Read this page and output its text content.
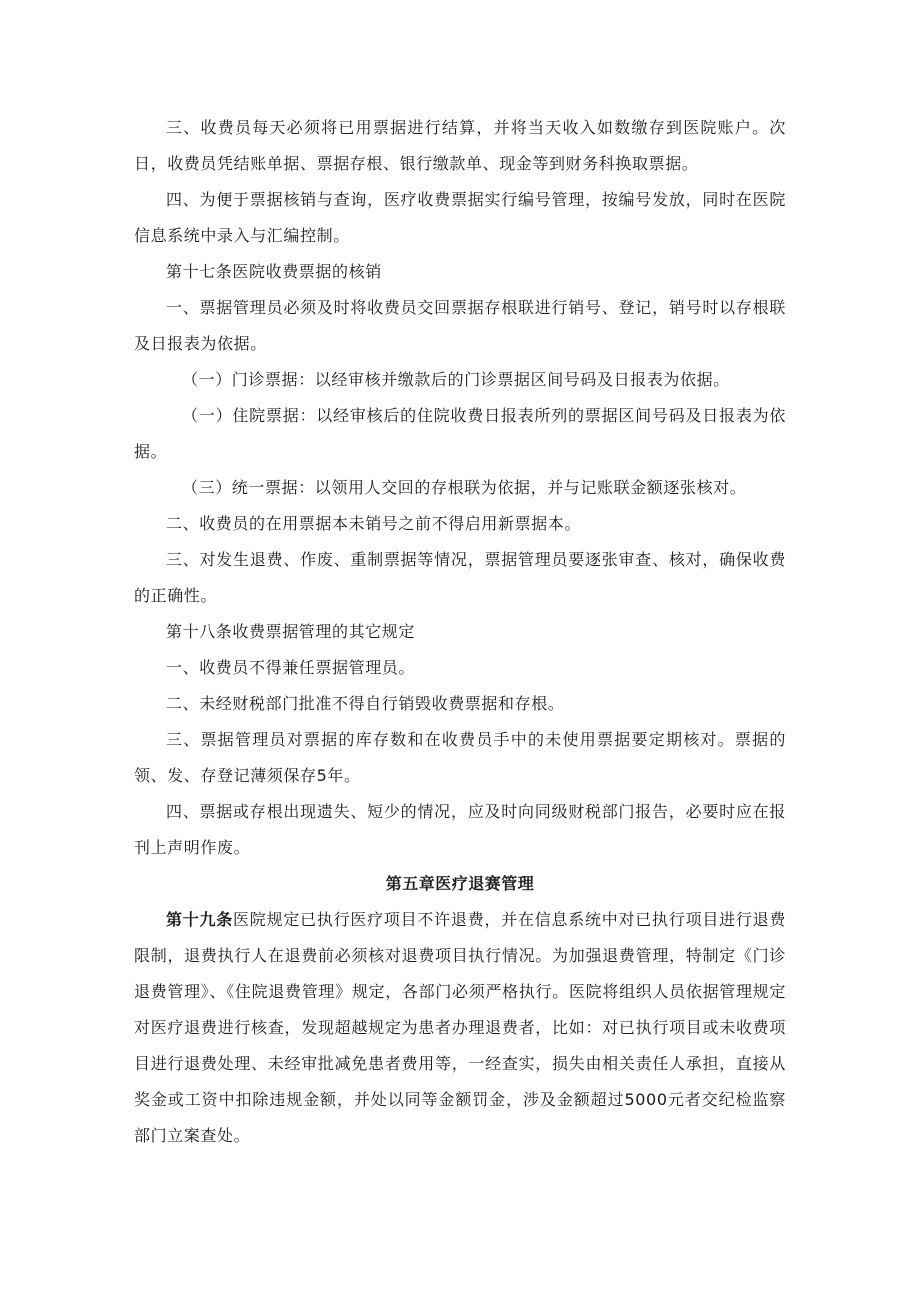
三、收费员每天必须将已用票据进行结算，并将当天收入如数缴存到医院账户。次日，收费员凭结账单据、票据存根、银行缴款单、现金等到财务科换取票据。

四、为便于票据核销与查询，医疗收费票据实行编号管理，按编号发放，同时在医院信息系统中录入与汇编控制。

第十七条医院收费票据的核销

一、票据管理员必须及时将收费员交回票据存根联进行销号、登记，销号时以存根联及日报表为依据。

（一）门诊票据：以经审核并缴款后的门诊票据区间号码及日报表为依据。

（一）住院票据：以经审核后的住院收费日报表所列的票据区间号码及日报表为依据。

（三）统一票据：以领用人交回的存根联为依据，并与记账联金额逐张核对。

二、收费员的在用票据本未销号之前不得启用新票据本。

三、对发生退费、作废、重制票据等情况，票据管理员要逐张审查、核对，确保收费的正确性。

第十八条收费票据管理的其它规定

一、收费员不得兼任票据管理员。

二、未经财税部门批准不得自行销毁收费票据和存根。

三、票据管理员对票据的库存数和在收费员手中的未使用票据要定期核对。票据的领、发、存登记薄须保存5年。

四、票据或存根出现遗失、短少的情况，应及时向同级财税部门报告，必要时应在报刊上声明作废。

第五章医疗退赛管理

第十九条医院规定已执行医疗项目不许退费，并在信息系统中对已执行项目进行退费限制，退费执行人在退费前必须核对退费项目执行情况。为加强退费管理，特制定《门诊退费管理》、《住院退费管理》规定，各部门必须严格执行。医院将组织人员依据管理规定对医疗退费进行核查，发现超越规定为患者办理退费者，比如：对已执行项目或未收费项目进行退费处理、未经审批减免患者费用等，一经查实，损失由相关责任人承担，直接从奖金或工资中扣除违规金额，并处以同等金额罚金，涉及金额超过5000元者交纪检监察部门立案查处。
